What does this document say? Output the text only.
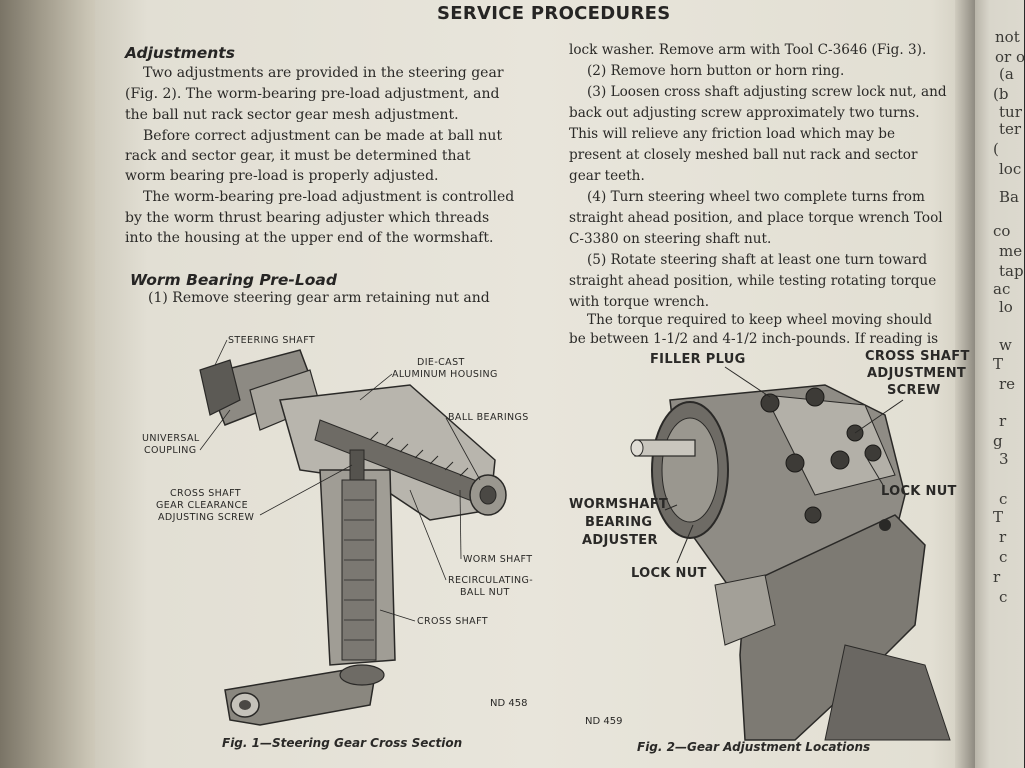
not
or o
(a
(b
tur
ter
(
loc
Ba
co
me
tap
ac
lo
w
T
re
r
g
3
c
T
r
c
r
c
SERVICE PROCEDURES
Adjustments
Two adjustments are provided in the steering gear
(Fig. 2). The worm-bearing pre-load adjustment, and
the ball nut rack sector gear mesh adjustment.
Before correct adjustment can be made at ball nut
rack and sector gear, it must be determined that
worm bearing pre-load is properly adjusted.
The worm-bearing pre-load adjustment is controlled
by the worm thrust bearing adjuster which threads
into the housing at the upper end of the wormshaft.
Worm Bearing Pre-Load
(1) Remove steering gear arm retaining nut and
lock washer. Remove arm with Tool C-3646 (Fig. 3).
(2) Remove horn button or horn ring.
(3) Loosen cross shaft adjusting screw lock nut, and
back out adjusting screw approximately two turns.
This will relieve any friction load which may be
present at closely meshed ball nut rack and sector
gear teeth.
(4) Turn steering wheel two complete turns from
straight ahead position, and place torque wrench Tool
C-3380 on steering shaft nut.
(5) Rotate steering shaft at least one turn toward
straight ahead position, while testing rotating torque
with torque wrench.
The torque required to keep wheel moving should
be between 1-1/2 and 4-1/2 inch-pounds. If reading is
STEERING SHAFT
DIE-CAST
ALUMINUM HOUSING
BALL BEARINGS
UNIVERSAL
COUPLING
CROSS SHAFT
GEAR CLEARANCE
ADJUSTING SCREW
WORM SHAFT
RECIRCULATING-
BALL NUT
CROSS SHAFT
ND 458
Fig. 1—Steering Gear Cross Section
FILLER PLUG	CROSS SHAFT
ADJUSTMENT
SCREW
LOCK NUT
WORMSHAFT
BEARING
ADJUSTER
LOCK NUT
ND 459
Fig. 2—Gear Adjustment Locations
